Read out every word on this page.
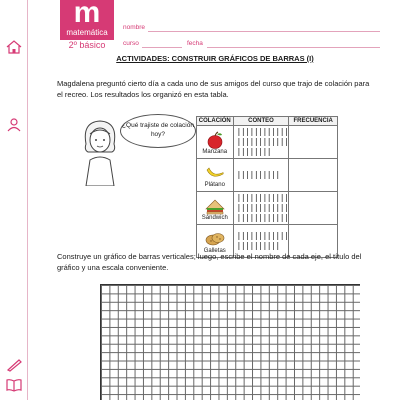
m
matemática
2º básico
nombre
curso	fecha
ACTIVIDADES: CONSTRUIR GRÁFICOS DE BARRAS (I)
Magdalena preguntó cierto día a cada uno de sus amigos del curso que trajo de colación para el recreo. Los resultados los organizó en esta tabla.
¿Qué trajiste de colación hoy?
COLACIÓN	CONTEO	FRECUENCIA

Manzana	||||||||||||
||||||||||||
||||||||	

Plátano	||||||||||	

Sándwich	||||||||||||
||||||||||||
||||||||||||	

Galletas	||||||||||||
||||||||||	

Construye un gráfico de barras verticales; luego, escribe el nombre de cada eje, el título del gráfico y una escala conveniente.
